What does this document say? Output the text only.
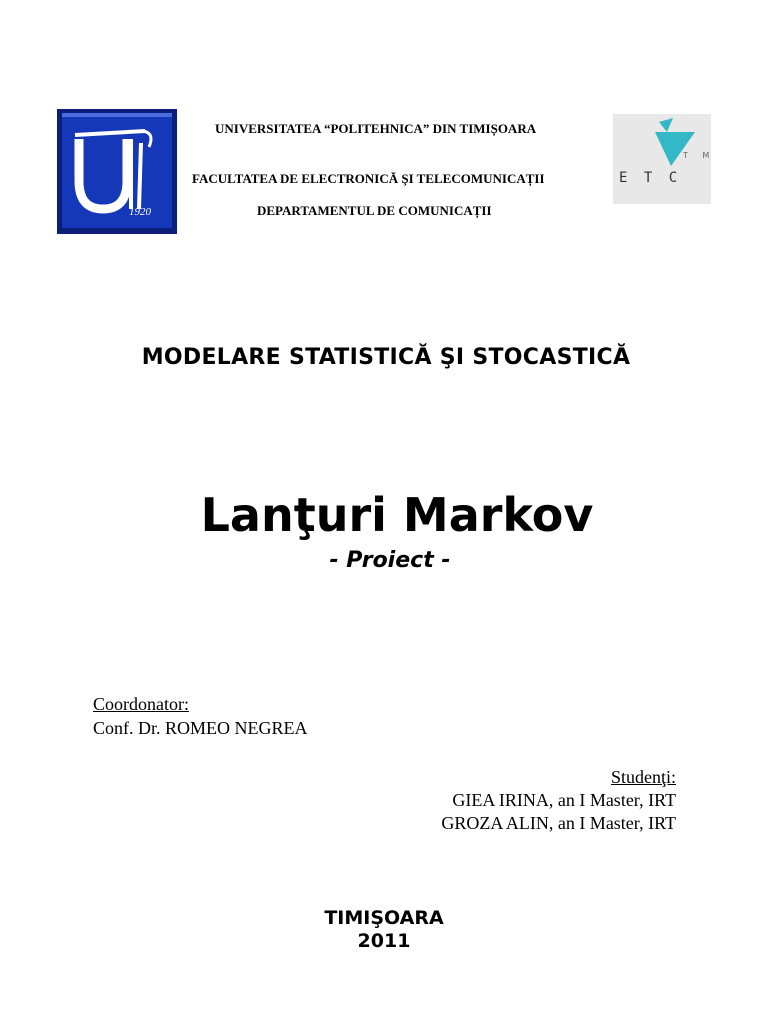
1920
E T C
T M
UNIVERSITATEA “POLITEHNICA” DIN TIMIȘOARA
FACULTATEA DE ELECTRONICĂ ŞI TELECOMUNICAȚII
DEPARTAMENTUL DE COMUNICAȚII
MODELARE STATISTICĂ ŞI STOCASTICĂ
Lanţuri Markov
- Proiect -
Coordonator:
Conf. Dr. ROMEO NEGREA
Studenţi:
GIEA IRINA, an I Master, IRT
GROZA ALIN, an I Master, IRT
TIMIŞOARA
2011
